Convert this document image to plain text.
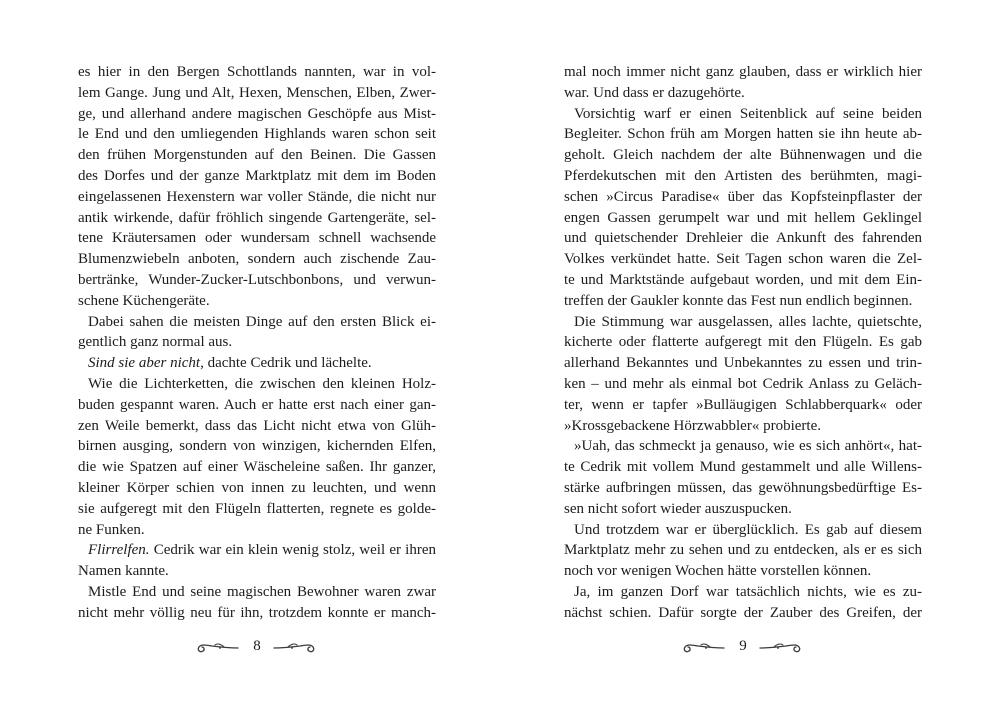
es hier in den Bergen Schottlands nannten, war in vol-
lem Gange. Jung und Alt, Hexen, Menschen, Elben, Zwer-
ge, und allerhand andere magischen Geschöpfe aus Mist-
le End und den umliegenden Highlands waren schon seit
den frühen Morgenstunden auf den Beinen. Die Gassen
des Dorfes und der ganze Marktplatz mit dem im Boden
eingelassenen Hexenstern war voller Stände, die nicht nur
antik wirkende, dafür fröhlich singende Gartengeräte, sel-
tene Kräutersamen oder wundersam schnell wachsende
Blumenzwiebeln anboten, sondern auch zischende Zau-
bertränke, Wunder-Zucker-Lutschbonbons, und verwun-
schene Küchengeräte.
Dabei sahen die meisten Dinge auf den ersten Blick ei-
gentlich ganz normal aus.
Sind sie aber nicht, dachte Cedrik und lächelte.
Wie die Lichterketten, die zwischen den kleinen Holz-
buden gespannt waren. Auch er hatte erst nach einer gan-
zen Weile bemerkt, dass das Licht nicht etwa von Glüh-
birnen ausging, sondern von winzigen, kichernden Elfen,
die wie Spatzen auf einer Wäscheleine saßen. Ihr ganzer,
kleiner Körper schien von innen zu leuchten, und wenn
sie aufgeregt mit den Flügeln flatterten, regnete es golde-
ne Funken.
Flirrelfen. Cedrik war ein klein wenig stolz, weil er ihren
Namen kannte.
Mistle End und seine magischen Bewohner waren zwar
nicht mehr völlig neu für ihn, trotzdem konnte er manch-
mal noch immer nicht ganz glauben, dass er wirklich hier
war. Und dass er dazugehörte.
Vorsichtig warf er einen Seitenblick auf seine beiden
Begleiter. Schon früh am Morgen hatten sie ihn heute ab-
geholt. Gleich nachdem der alte Bühnenwagen und die
Pferdekutschen mit den Artisten des berühmten, magi-
schen »Circus Paradise« über das Kopfsteinpflaster der
engen Gassen gerumpelt war und mit hellem Geklingel
und quietschender Drehleier die Ankunft des fahrenden
Volkes verkündet hatte. Seit Tagen schon waren die Zel-
te und Marktstände aufgebaut worden, und mit dem Ein-
treffen der Gaukler konnte das Fest nun endlich beginnen.
Die Stimmung war ausgelassen, alles lachte, quietschte,
kicherte oder flatterte aufgeregt mit den Flügeln. Es gab
allerhand Bekanntes und Unbekanntes zu essen und trin-
ken – und mehr als einmal bot Cedrik Anlass zu Geläch-
ter, wenn er tapfer »Bulläugigen Schlabberquark« oder
»Krossgebackene Hörzwabbler« probierte.
»Uah, das schmeckt ja genauso, wie es sich anhört«, hat-
te Cedrik mit vollem Mund gestammelt und alle Willens-
stärke aufbringen müssen, das gewöhnungsbedürftige Es-
sen nicht sofort wieder auszuspucken.
Und trotzdem war er überglücklich. Es gab auf diesem
Marktplatz mehr zu sehen und zu entdecken, als er es sich
noch vor wenigen Wochen hätte vorstellen können.
Ja, im ganzen Dorf war tatsächlich nichts, wie es zu-
nächst schien. Dafür sorgte der Zauber des Greifen, der
8	9
